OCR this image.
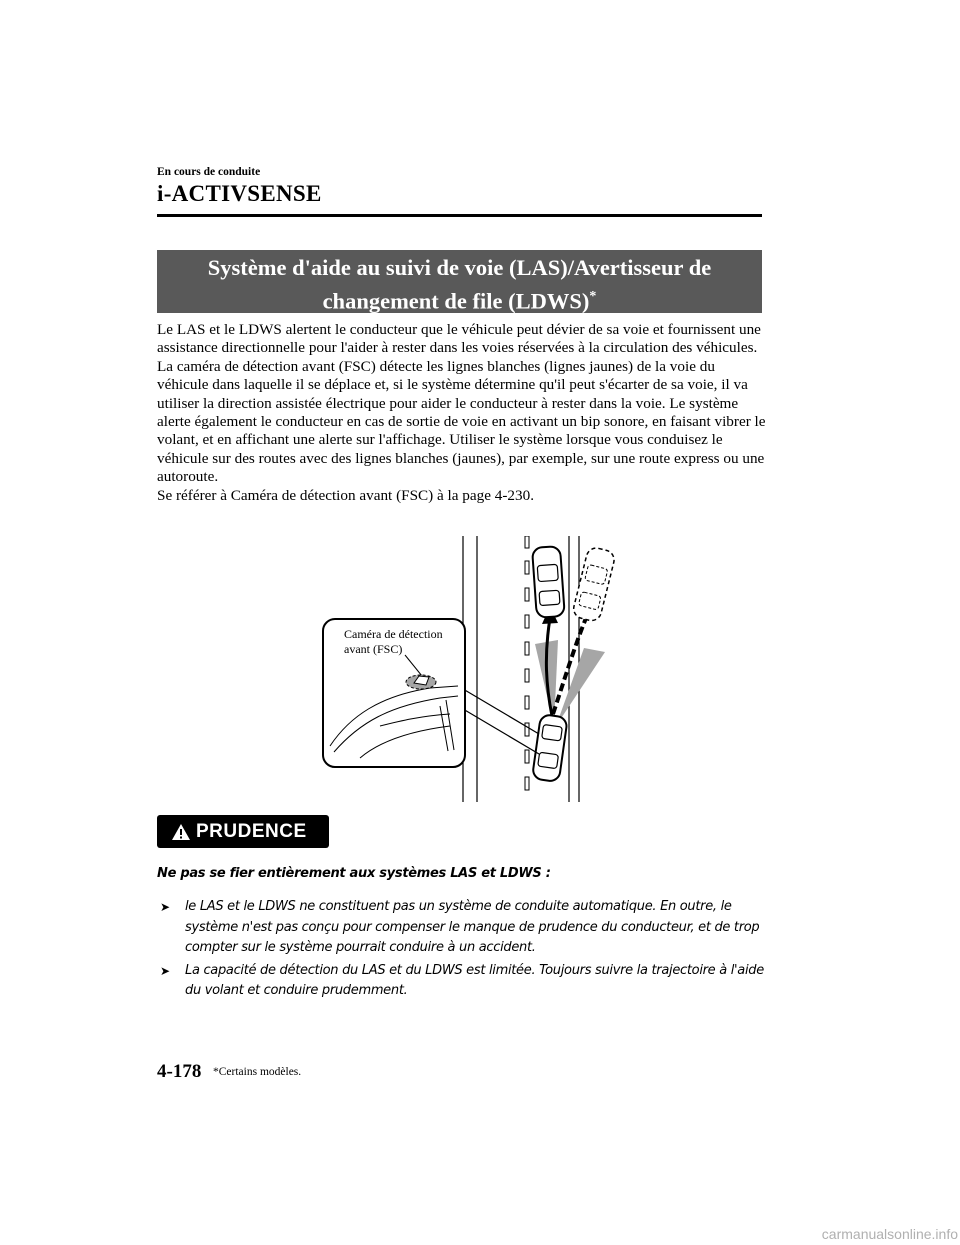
En cours de conduite
i-ACTIVSENSE
Système d'aide au suivi de voie (LAS)/Avertisseur de
changement de file (LDWS)*

Le LAS et le LDWS alertent le conducteur que le véhicule peut dévier de sa voie et fournissent une assistance directionnelle pour l'aider à rester dans les voies réservées à la circulation des véhicules.

La caméra de détection avant (FSC) détecte les lignes blanches (lignes jaunes) de la voie du véhicule dans laquelle il se déplace et, si le système détermine qu'il peut s'écarter de sa voie, il va utiliser la direction assistée électrique pour aider le conducteur à rester dans la voie. Le système alerte également le conducteur en cas de sortie de voie en activant un bip sonore, en faisant vibrer le volant, et en affichant une alerte sur l'affichage. Utiliser le système lorsque vous conduisez le véhicule sur des routes avec des lignes blanches (jaunes), par exemple, sur une route express ou une autoroute.

Se référer à Caméra de détection avant (FSC) à la page 4-230.

Caméra de détection
avant (FSC)
PRUDENCE
Ne pas se fier entièrement aux systèmes LAS et LDWS :
➤ le LAS et le LDWS ne constituent pas un système de conduite automatique. En outre, le système n'est pas conçu pour compenser le manque de prudence du conducteur, et de trop compter sur le système pourrait conduire à un accident.
➤ La capacité de détection du LAS et du LDWS est limitée. Toujours suivre la trajectoire à l'aide du volant et conduire prudemment.
4-178 *Certains modèles.
carmanualsonline.info
